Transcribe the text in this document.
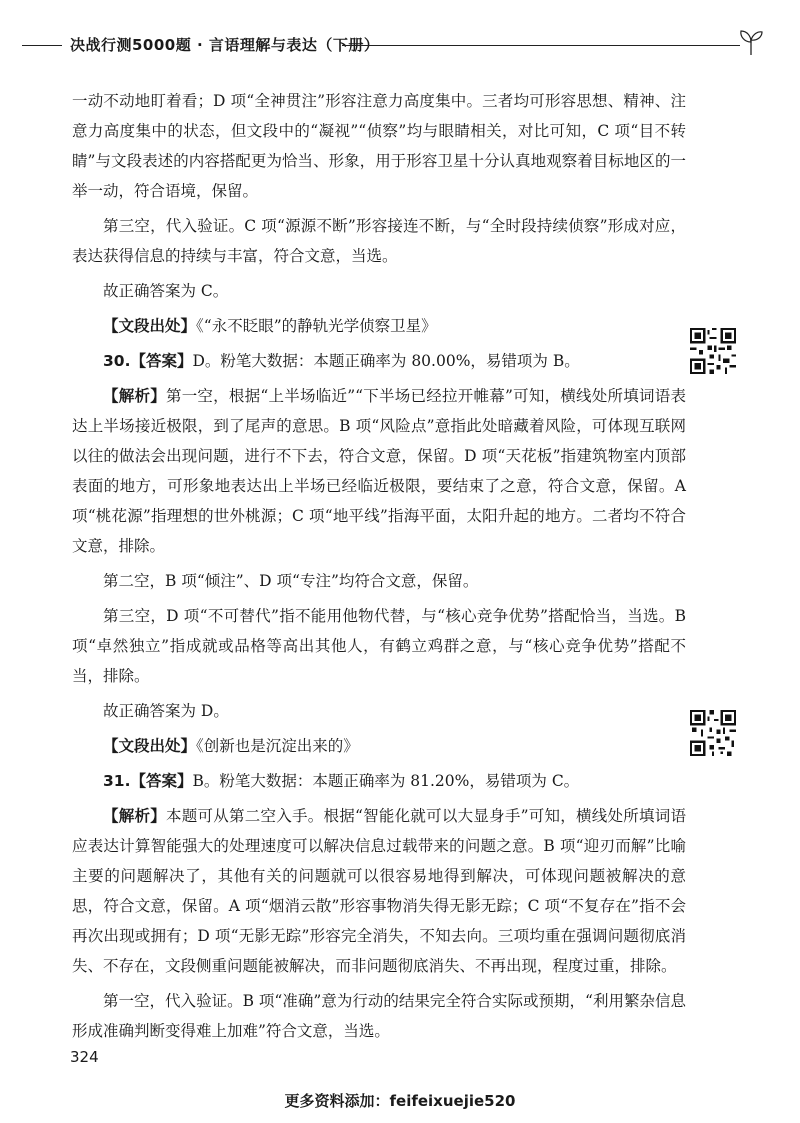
决战行测5000题 · 言语理解与表达（下册）

一动不动地盯着看；D 项“全神贯注”形容注意力高度集中。三者均可形容思想、精神、注意力高度集中的状态，但文段中的“凝视”“侦察”均与眼睛相关，对比可知，C 项“目不转睛”与文段表述的内容搭配更为恰当、形象，用于形容卫星十分认真地观察着目标地区的一举一动，符合语境，保留。

第三空，代入验证。C 项“源源不断”形容接连不断，与“全时段持续侦察”形成对应，表达获得信息的持续与丰富，符合文意，当选。

故正确答案为 C。

【文段出处】《“永不眨眼”的静轨光学侦察卫星》

30.【答案】D。粉笔大数据：本题正确率为 80.00%，易错项为 B。

【解析】第一空，根据“上半场临近”“下半场已经拉开帷幕”可知，横线处所填词语表达上半场接近极限，到了尾声的意思。B 项“风险点”意指此处暗藏着风险，可体现互联网以往的做法会出现问题，进行不下去，符合文意，保留。D 项“天花板”指建筑物室内顶部表面的地方，可形象地表达出上半场已经临近极限，要结束了之意，符合文意，保留。A 项“桃花源”指理想的世外桃源；C 项“地平线”指海平面，太阳升起的地方。二者均不符合文意，排除。

第二空，B 项“倾注”、D 项“专注”均符合文意，保留。

第三空，D 项“不可替代”指不能用他物代替，与“核心竞争优势”搭配恰当，当选。B 项“卓然独立”指成就或品格等高出其他人，有鹤立鸡群之意，与“核心竞争优势”搭配不当，排除。

故正确答案为 D。

【文段出处】《创新也是沉淀出来的》

31.【答案】B。粉笔大数据：本题正确率为 81.20%，易错项为 C。

【解析】本题可从第二空入手。根据“智能化就可以大显身手”可知，横线处所填词语应表达计算智能强大的处理速度可以解决信息过载带来的问题之意。B 项“迎刃而解”比喻主要的问题解决了，其他有关的问题就可以很容易地得到解决，可体现问题被解决的意思，符合文意，保留。A 项“烟消云散”形容事物消失得无影无踪；C 项“不复存在”指不会再次出现或拥有；D 项“无影无踪”形容完全消失，不知去向。三项均重在强调问题彻底消失、不存在，文段侧重问题能被解决，而非问题彻底消失、不再出现，程度过重，排除。

第一空，代入验证。B 项“准确”意为行动的结果完全符合实际或预期，“利用繁杂信息形成准确判断变得难上加难”符合文意，当选。

324
更多资料添加：feifeixuejie520
